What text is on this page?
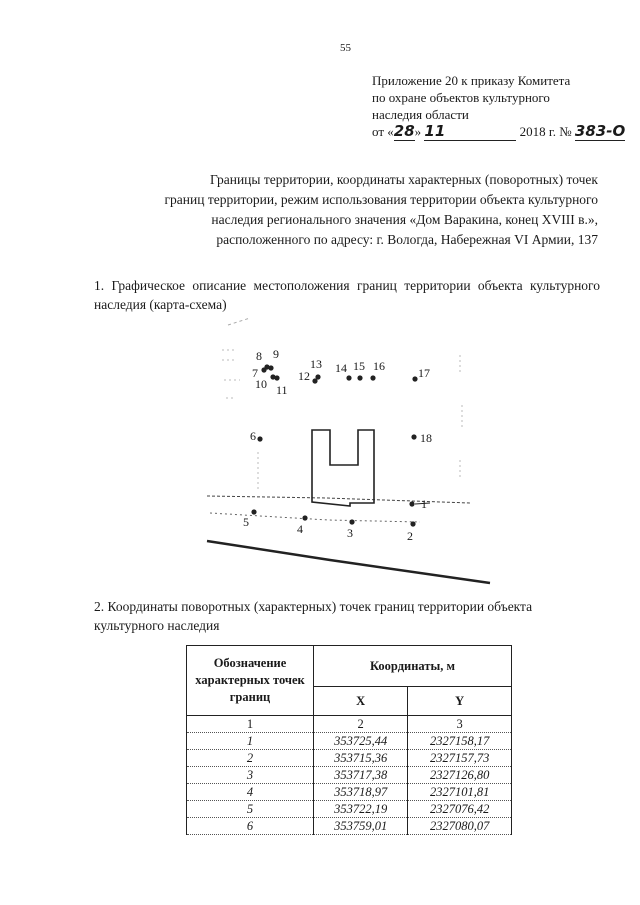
55
Приложение 20 к приказу Комитета
по охране объектов культурного
наследия области
от «28» 11	2018 г. № 383-О
Границы территории, координаты характерных (поворотных) точек
границ территории, режим использования территории объекта культурного
наследия регионального значения «Дом Варакина, конец XVIII в.»,
расположенного по адресу: г. Вологда, Набережная VI Армии, 137
1. Графическое описание местоположения границ территории объекта культурного наследия (карта-схема)
1
2
3
4
5
6
7
8 9
10 11
12
13 14 15 16	17
18
2. Координаты поворотных (характерных) точек границ территории объекта культурного наследия
Обозначение характерных точек границ	Координаты, м	
	X	Y
1	2	3
1	353725,44	2327158,17
2	353715,36	2327157,73
3	353717,38	2327126,80
4	353718,97	2327101,81
5	353722,19	2327076,42
6	353759,01	2327080,07
